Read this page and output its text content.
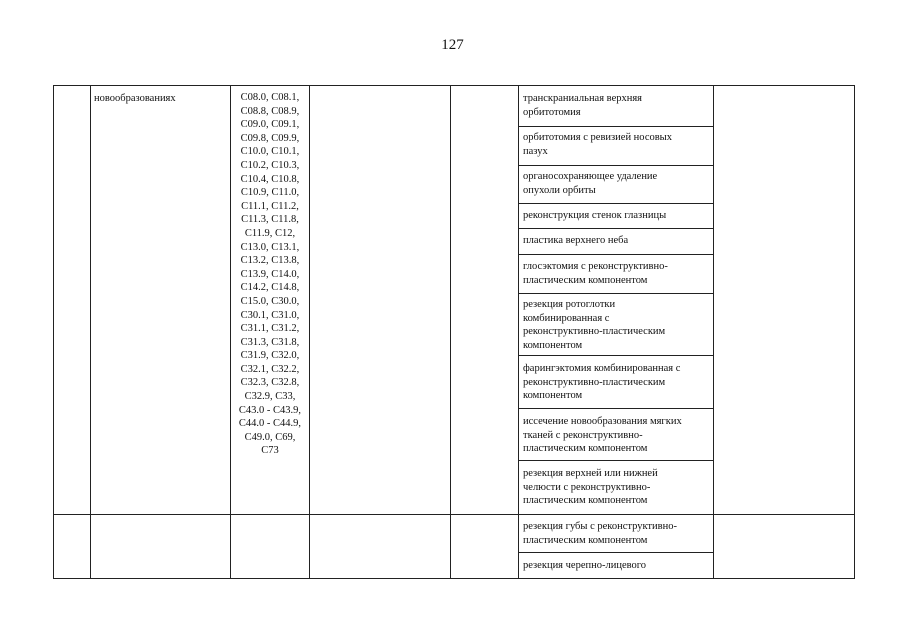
127
новообразованиях	C08.0, C08.1,
C08.8, C08.9,
C09.0, C09.1,
C09.8, C09.9,
C10.0, C10.1,
C10.2, C10.3,
C10.4, C10.8,
C10.9, C11.0,
C11.1, C11.2,
C11.3, C11.8,
C11.9, C12,
C13.0, C13.1,
C13.2, C13.8,
C13.9, C14.0,
C14.2, C14.8,
C15.0, C30.0,
C30.1, C31.0,
C31.1, C31.2,
C31.3, C31.8,
C31.9, C32.0,
C32.1, C32.2,
C32.3, C32.8,
C32.9, C33,
C43.0 - C43.9,
C44.0 - C44.9,
C49.0, C69,
C73
транскраниальная верхняя
орбитотомия
орбитотомия с ревизией носовых
пазух
органосохраняющее удаление
опухоли орбиты
реконструкция стенок глазницы
пластика верхнего неба
глосэктомия с реконструктивно-
пластическим компонентом
резекция ротоглотки
комбинированная с
реконструктивно-пластическим
компонентом
фарингэктомия комбинированная с
реконструктивно-пластическим
компонентом
иссечение новообразования мягких
тканей с реконструктивно-
пластическим компонентом
резекция верхней или нижней
челюсти с реконструктивно-
пластическим компонентом
резекция губы с реконструктивно-
пластическим компонентом
резекция черепно-лицевого
